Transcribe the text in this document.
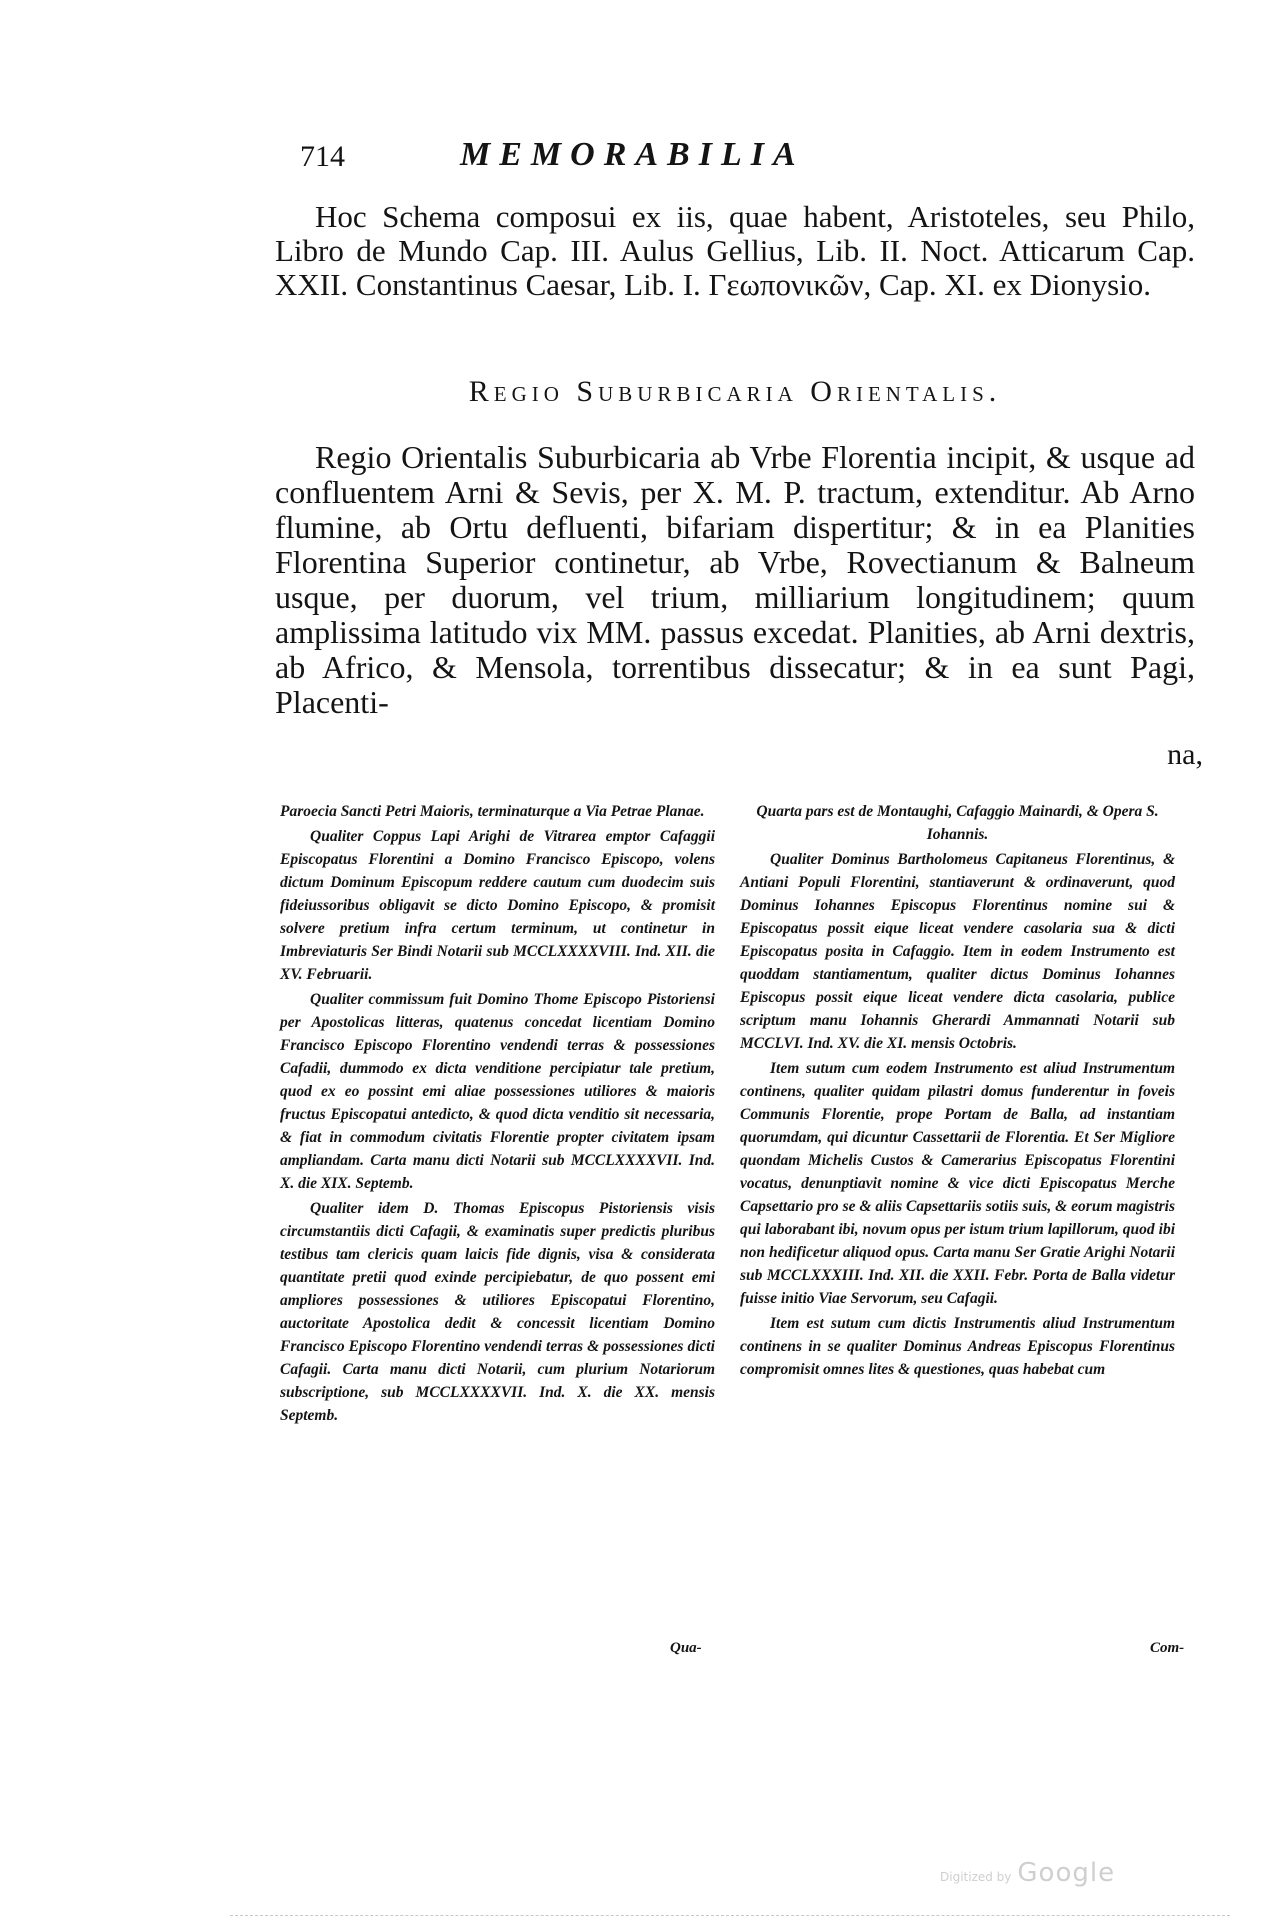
714	MEMORABILIA
Hoc Schema composui ex iis, quae habent, Aristoteles, seu Philo, Libro de Mundo Cap. III. Aulus Gellius, Lib. II. Noct. Atticarum Cap. XXII. Constantinus Caesar, Lib. I. Γεωπονικῶν, Cap. XI. ex Dionysio.
Regio Suburbicaria Orientalis.
Regio Orientalis Suburbicaria ab Vrbe Florentia incipit, & usque ad confluentem Arni & Sevis, per X. M. P. tractum, extenditur. Ab Arno flumine, ab Ortu defluenti, bifariam dispertitur; & in ea Planities Florentina Superior continetur, ab Vrbe, Rovectianum & Balneum usque, per duorum, vel trium, milliarium longitudinem; quum amplissima latitudo vix MM. passus excedat. Planities, ab Arni dextris, ab Africo, & Mensola, torrentibus dissecatur; & in ea sunt Pagi, Placenti-
na,

Paroecia Sancti Petri Maioris, terminaturque a Via Petrae Planae.

Qualiter Coppus Lapi Arighi de Vitrarea emptor Cafaggii Episcopatus Florentini a Domino Francisco Episcopo, volens dictum Dominum Episcopum reddere cautum cum duodecim suis fideiussoribus obligavit se dicto Domino Episcopo, & promisit solvere pretium infra certum terminum, ut continetur in Imbreviaturis Ser Bindi Notarii sub MCCLXXXXVIII. Ind. XII. die XV. Februarii.

Qualiter commissum fuit Domino Thome Episcopo Pistoriensi per Apostolicas litteras, quatenus concedat licentiam Domino Francisco Episcopo Florentino vendendi terras & possessiones Cafadii, dummodo ex dicta venditione percipiatur tale pretium, quod ex eo possint emi aliae possessiones utiliores & maioris fructus Episcopatui antedicto, & quod dicta venditio sit necessaria, & fiat in commodum civitatis Florentie propter civitatem ipsam ampliandam. Carta manu dicti Notarii sub MCCLXXXXVII. Ind. X. die XIX. Septemb.

Qualiter idem D. Thomas Episcopus Pistoriensis visis circumstantiis dicti Cafagii, & examinatis super predictis pluribus testibus tam clericis quam laicis fide dignis, visa & considerata quantitate pretii quod exinde percipiebatur, de quo possent emi ampliores possessiones & utiliores Episcopatui Florentino, auctoritate Apostolica dedit & concessit licentiam Domino Francisco Episcopo Florentino vendendi terras & possessiones dicti Cafagii. Carta manu dicti Notarii, cum plurium Notariorum subscriptione, sub MCCLXXXXVII. Ind. X. die XX. mensis Septemb.

Qua-

Quarta pars est de Montaughi, Cafaggio Mainardi, & Opera S. Iohannis.

Qualiter Dominus Bartholomeus Capitaneus Florentinus, & Antiani Populi Florentini, stantiaverunt & ordinaverunt, quod Dominus Iohannes Episcopus Florentinus nomine sui & Episcopatus possit eique liceat vendere casolaria sua & dicti Episcopatus posita in Cafaggio. Item in eodem Instrumento est quoddam stantiamentum, qualiter dictus Dominus Iohannes Episcopus possit eique liceat vendere dicta casolaria, publice scriptum manu Iohannis Gherardi Ammannati Notarii sub MCCLVI. Ind. XV. die XI. mensis Octobris.

Item sutum cum eodem Instrumento est aliud Instrumentum continens, qualiter quidam pilastri domus funderentur in foveis Communis Florentie, prope Portam de Balla, ad instantiam quorumdam, qui dicuntur Cassettarii de Florentia. Et Ser Migliore quondam Michelis Custos & Camerarius Episcopatus Florentini vocatus, denunptiavit nomine & vice dicti Episcopatus Merche Capsettario pro se & aliis Capsettariis sotiis suis, & eorum magistris qui laborabant ibi, novum opus per istum trium lapillorum, quod ibi non hedificetur aliquod opus. Carta manu Ser Gratie Arighi Notarii sub MCCLXXXIII. Ind. XII. die XXII. Febr. Porta de Balla videtur fuisse initio Viae Servorum, seu Cafagii.

Item est sutum cum dictis Instrumentis aliud Instrumentum continens in se qualiter Dominus Andreas Episcopus Florentinus compromisit omnes lites & questiones, quas habebat cum

Com-
Digitized by Google
